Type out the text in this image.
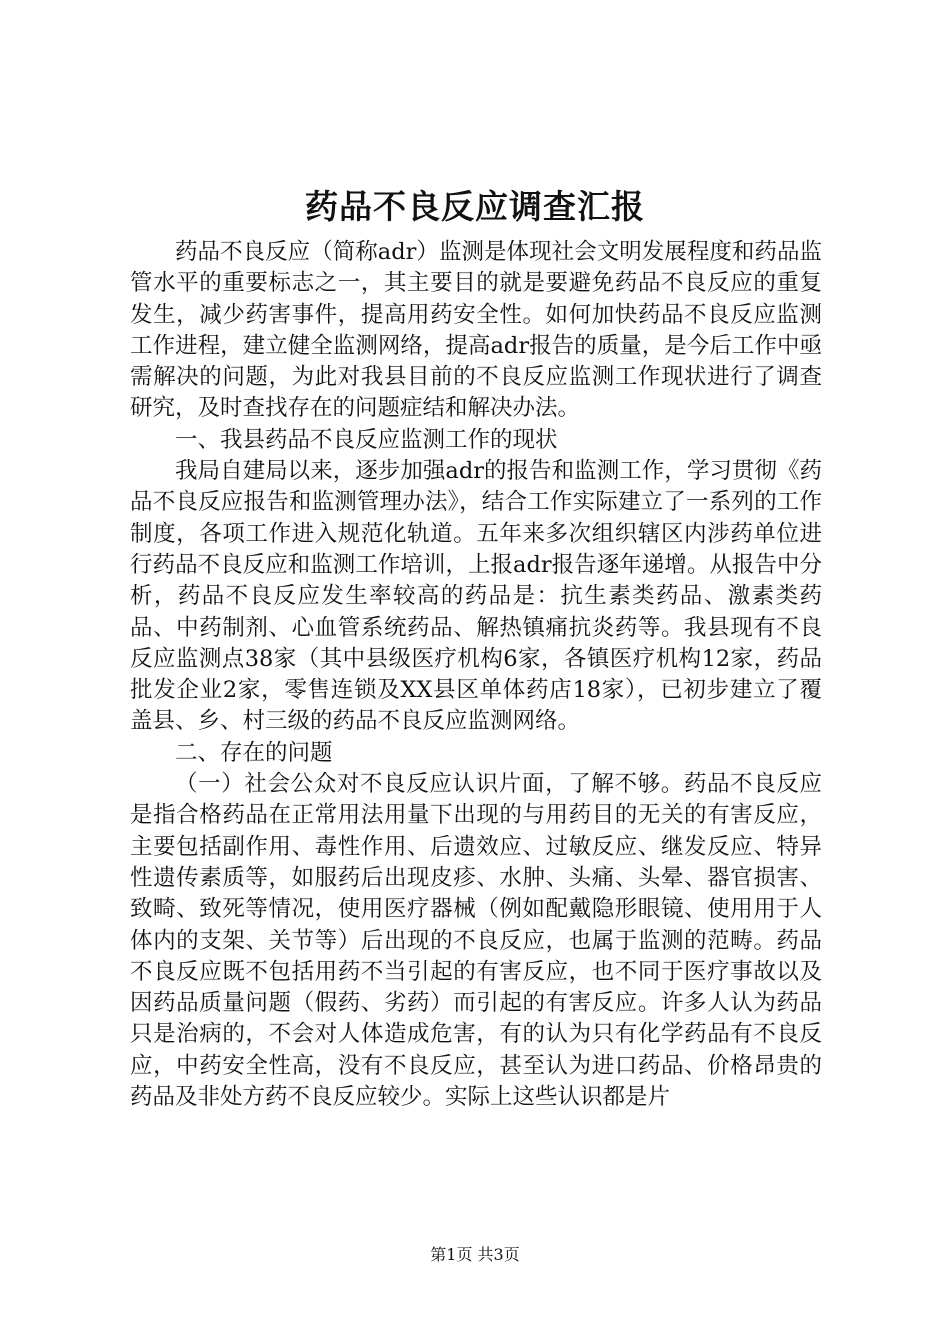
药品不良反应调查汇报

药品不良反应（简称adr）监测是体现社会文明发展程度和药品监管水平的重要标志之一，其主要目的就是要避免药品不良反应的重复发生，减少药害事件，提高用药安全性。如何加快药品不良反应监测工作进程，建立健全监测网络，提高adr报告的质量，是今后工作中亟需解决的问题，为此对我县目前的不良反应监测工作现状进行了调查研究，及时查找存在的问题症结和解决办法。

一、我县药品不良反应监测工作的现状

我局自建局以来，逐步加强adr的报告和监测工作，学习贯彻《药品不良反应报告和监测管理办法》，结合工作实际建立了一系列的工作制度，各项工作进入规范化轨道。五年来多次组织辖区内涉药单位进行药品不良反应和监测工作培训，上报adr报告逐年递增。从报告中分析，药品不良反应发生率较高的药品是：抗生素类药品、激素类药品、中药制剂、心血管系统药品、解热镇痛抗炎药等。我县现有不良反应监测点38家（其中县级医疗机构6家，各镇医疗机构12家，药品批发企业2家，零售连锁及XX县区单体药店18家），已初步建立了覆盖县、乡、村三级的药品不良反应监测网络。

二、存在的问题

（一）社会公众对不良反应认识片面，了解不够。药品不良反应是指合格药品在正常用法用量下出现的与用药目的无关的有害反应，主要包括副作用、毒性作用、后遗效应、过敏反应、继发反应、特异性遗传素质等，如服药后出现皮疹、水肿、头痛、头晕、器官损害、致畸、致死等情况，使用医疗器械（例如配戴隐形眼镜、使用用于人体内的支架、关节等）后出现的不良反应，也属于监测的范畴。药品不良反应既不包括用药不当引起的有害反应，也不同于医疗事故以及因药品质量问题（假药、劣药）而引起的有害反应。许多人认为药品只是治病的，不会对人体造成危害，有的认为只有化学药品有不良反应，中药安全性高，没有不良反应，甚至认为进口药品、价格昂贵的药品及非处方药不良反应较少。实际上这些认识都是片

第1页 共3页
